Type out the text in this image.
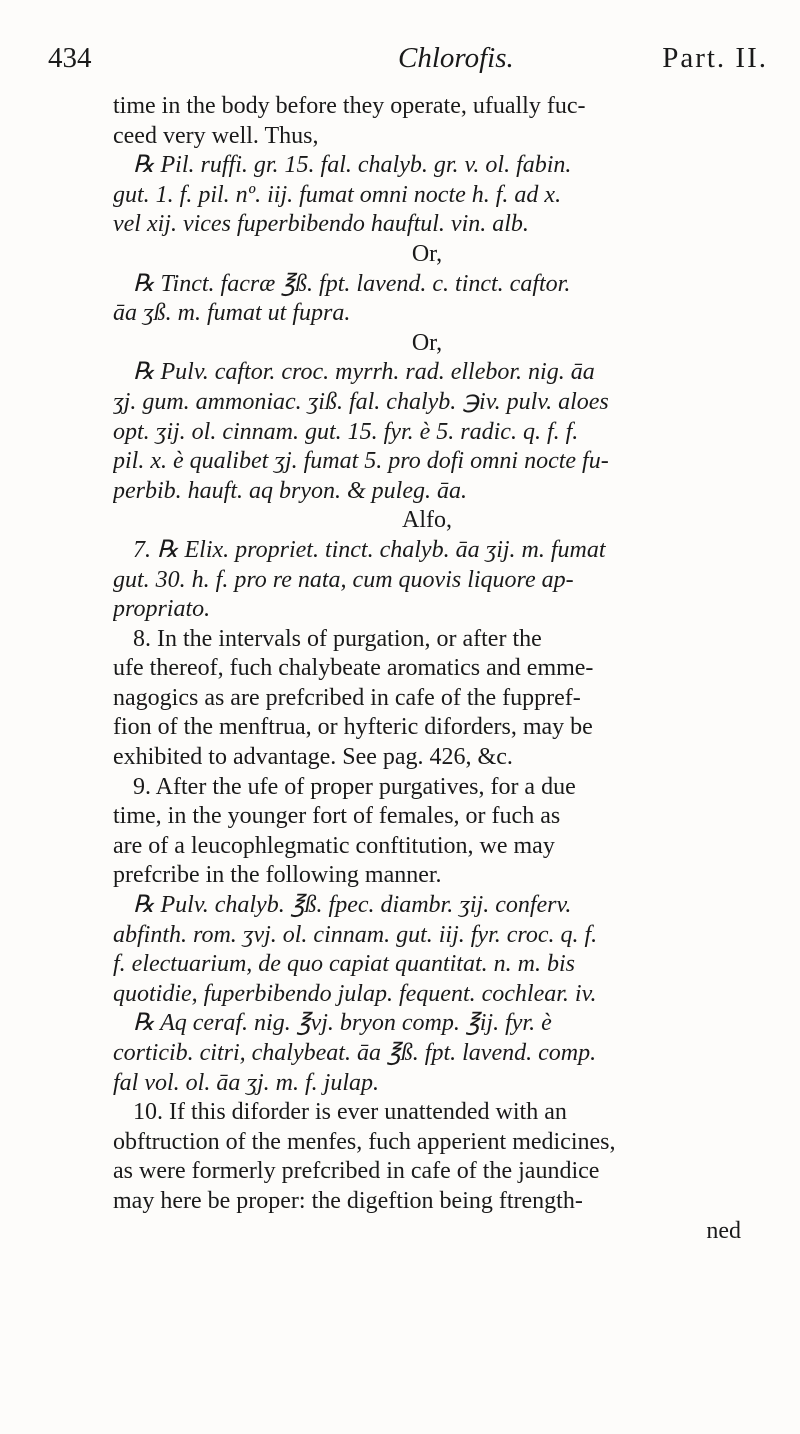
434	Chlorofis.	Part. II.
time in the body before they operate, ufually fuc-
ceed very well. Thus,
℞ Pil. ruffi. gr. 15. fal. chalyb. gr. v. ol. fabin.
gut. 1. f. pil. nº. iij. fumat omni nocte h. f. ad x.
vel xij. vices fuperbibendo hauftul. vin. alb.
Or,
℞ Tinct. facræ ℥ß. fpt. lavend. c. tinct. caftor.
āa ʒß. m. fumat ut fupra.
Or,
℞ Pulv. caftor. croc. myrrh. rad. ellebor. nig. āa
ʒj. gum. ammoniac. ʒiß. fal. chalyb. ℈iv. pulv. aloes
opt. ʒij. ol. cinnam. gut. 15. fyr. è 5. radic. q. f. f.
pil. x. è qualibet ʒj. fumat 5. pro dofi omni nocte fu-
perbib. hauft. aq bryon. & puleg. āa.
Alfo,
7. ℞ Elix. propriet. tinct. chalyb. āa ʒij. m. fumat
gut. 30. h. f. pro re nata, cum quovis liquore ap-
propriato.
8. In the intervals of purgation, or after the
ufe thereof, fuch chalybeate aromatics and emme-
nagogics as are prefcribed in cafe of the fuppref-
fion of the menftrua, or hyfteric diforders, may be
exhibited to advantage. See pag. 426, &c.
9. After the ufe of proper purgatives, for a due
time, in the younger fort of females, or fuch as
are of a leucophlegmatic conftitution, we may
prefcribe in the following manner.
℞ Pulv. chalyb. ℥ß. fpec. diambr. ʒij. conferv.
abfinth. rom. ʒvj. ol. cinnam. gut. iij. fyr. croc. q. f.
f. electuarium, de quo capiat quantitat. n. m. bis
quotidie, fuperbibendo julap. fequent. cochlear. iv.
℞ Aq ceraf. nig. ℥vj. bryon comp. ℥ij. fyr. è
corticib. citri, chalybeat. āa ℥ß. fpt. lavend. comp.
fal vol. ol. āa ʒj. m. f. julap.
10. If this diforder is ever unattended with an
obftruction of the menfes, fuch apperient medicines,
as were formerly prefcribed in cafe of the jaundice
may here be proper: the digeftion being ftrength-
ned
